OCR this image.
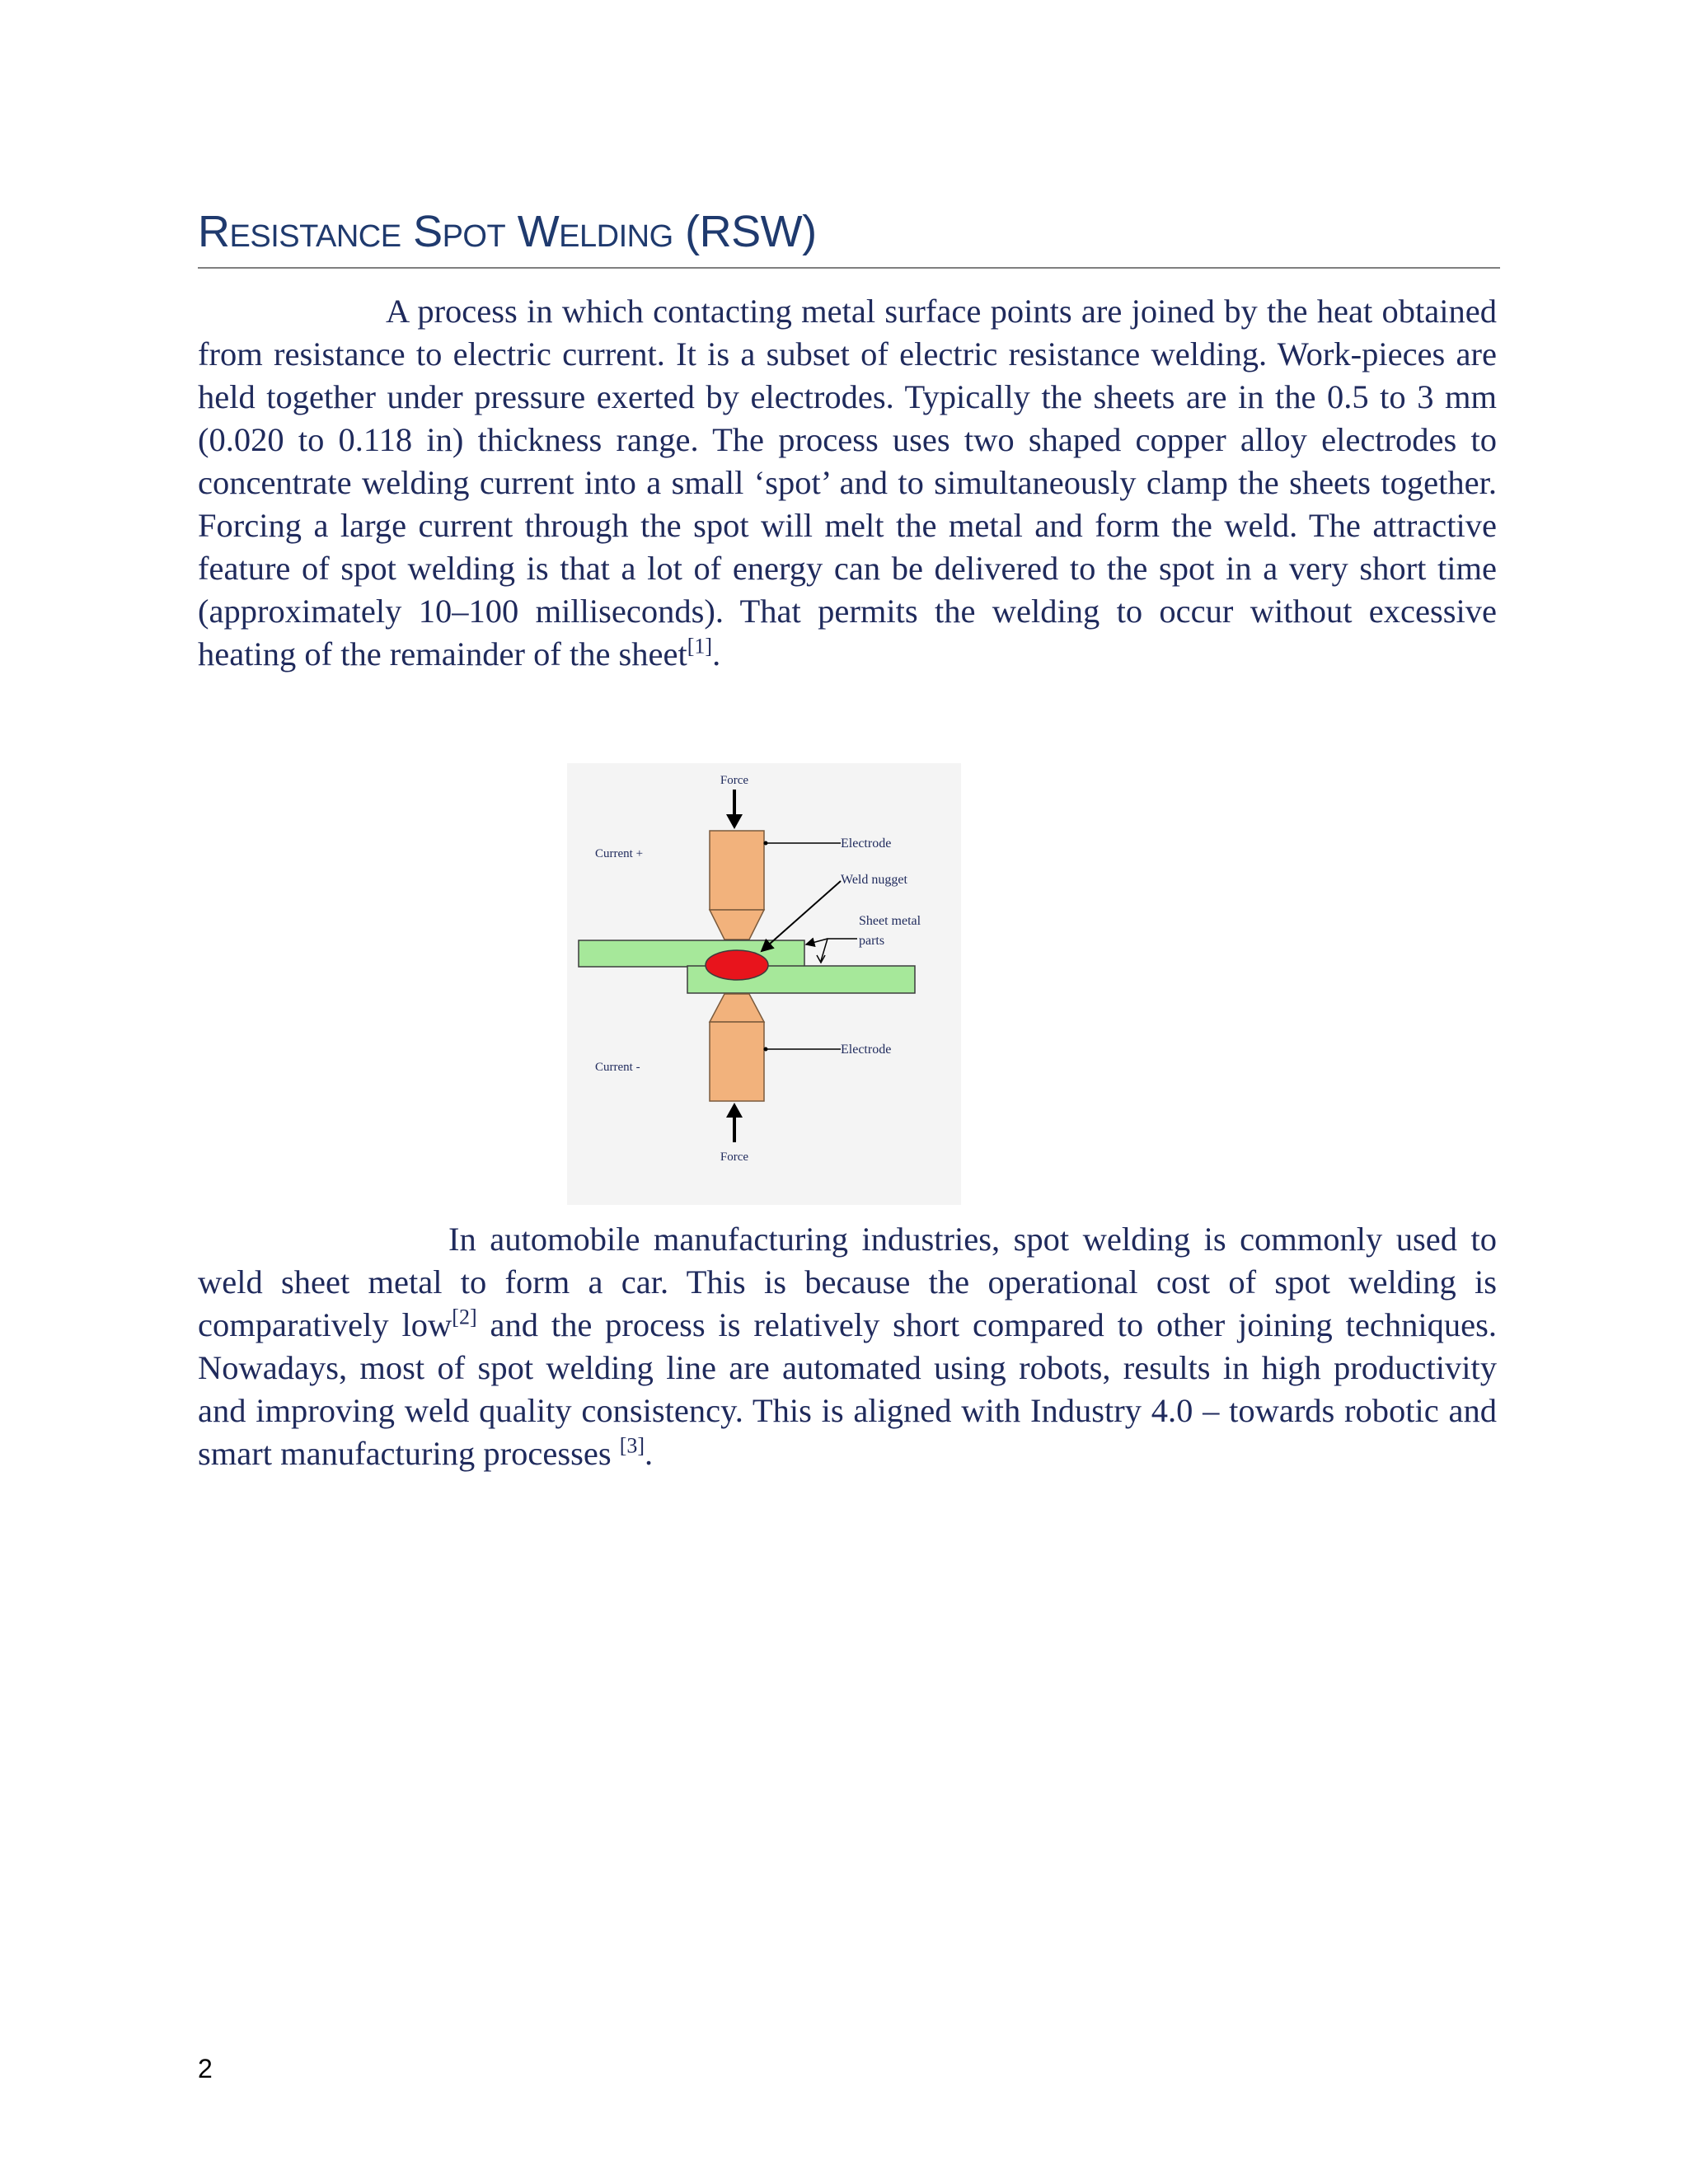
Resistance Spot Welding (RSW)

A process in which contacting metal surface points are joined by the heat obtained from resistance to electric current. It is a subset of electric resistance welding. Work-pieces are held together under pressure exerted by electrodes. Typically the sheets are in the 0.5 to 3 mm (0.020 to 0.118 in) thickness range. The process uses two shaped copper alloy electrodes to concentrate welding current into a small ‘spot’ and to simultaneously clamp the sheets together. Forcing a large current through the spot will melt the metal and form the weld. The attractive feature of spot welding is that a lot of energy can be delivered to the spot in a very short time (approximately 10–100 milliseconds). That permits the welding to occur without excessive heating of the remainder of the sheet[1].

Force
Force
Current +
Current -
Electrode
Weld nugget
Sheet metal
parts
Electrode

In automobile manufacturing industries, spot welding is commonly used to weld sheet metal to form a car. This is because the operational cost of spot welding is comparatively low[2] and the process is relatively short compared to other joining techniques. Nowadays, most of spot welding line are automated using robots, results in high productivity and improving weld quality consistency. This is aligned with Industry 4.0 – towards robotic and smart manufacturing processes [3].

2
